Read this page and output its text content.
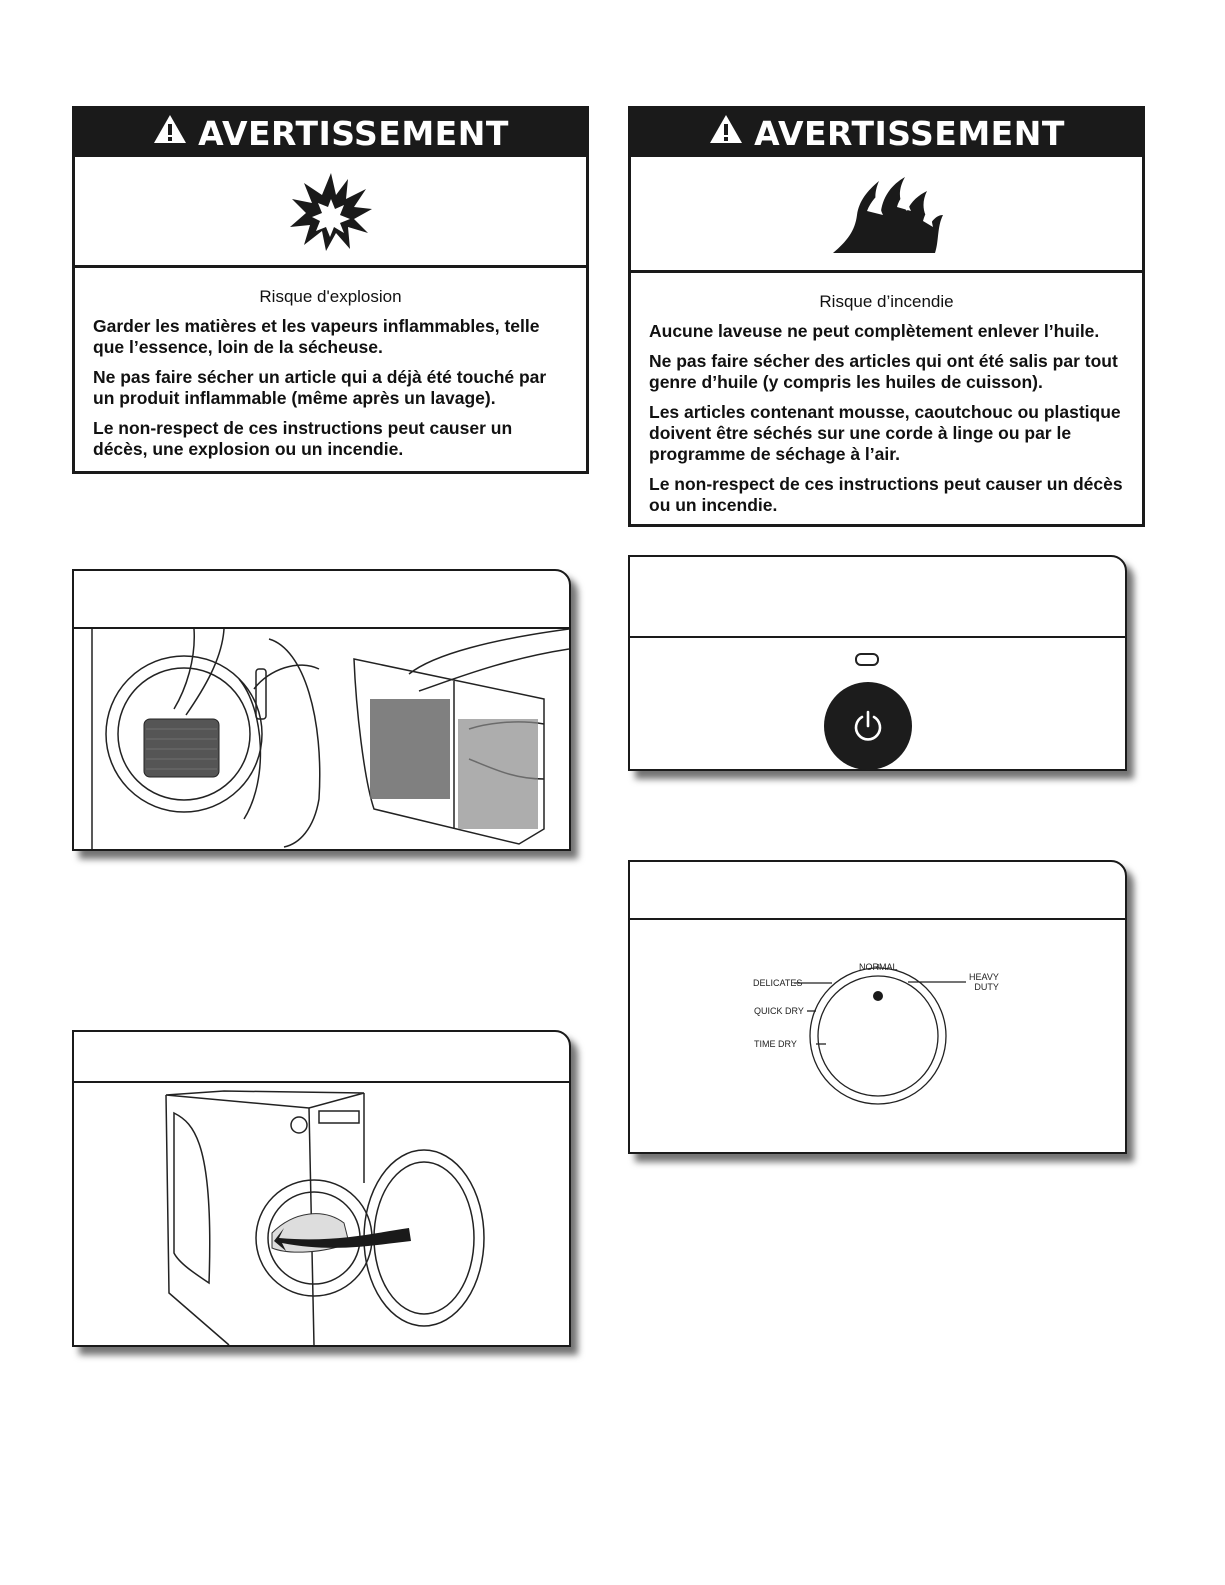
AVERTISSEMENT
Risque d'explosion

Garder les matières et les vapeurs inflammables, telle que l’essence, loin de la sécheuse.

Ne pas faire sécher un article qui a déjà été touché par un produit inflammable (même après un lavage).

Le non-respect de ces instructions peut causer un décès, une explosion ou un incendie.

AVERTISSEMENT
Risque d’incendie

Aucune laveuse ne peut complètement enlever l’huile.

Ne pas faire sécher des articles qui ont été salis par tout genre d’huile (y compris les huiles de cuisson).

Les articles contenant mousse, caoutchouc ou plastique doivent être séchés sur une corde à linge ou par le programme de séchage à l’air.

Le non-respect de ces instructions peut causer un décès ou un incendie.

NORMAL
DELICATES
QUICK DRY
TIME DRY
HEAVY
DUTY
